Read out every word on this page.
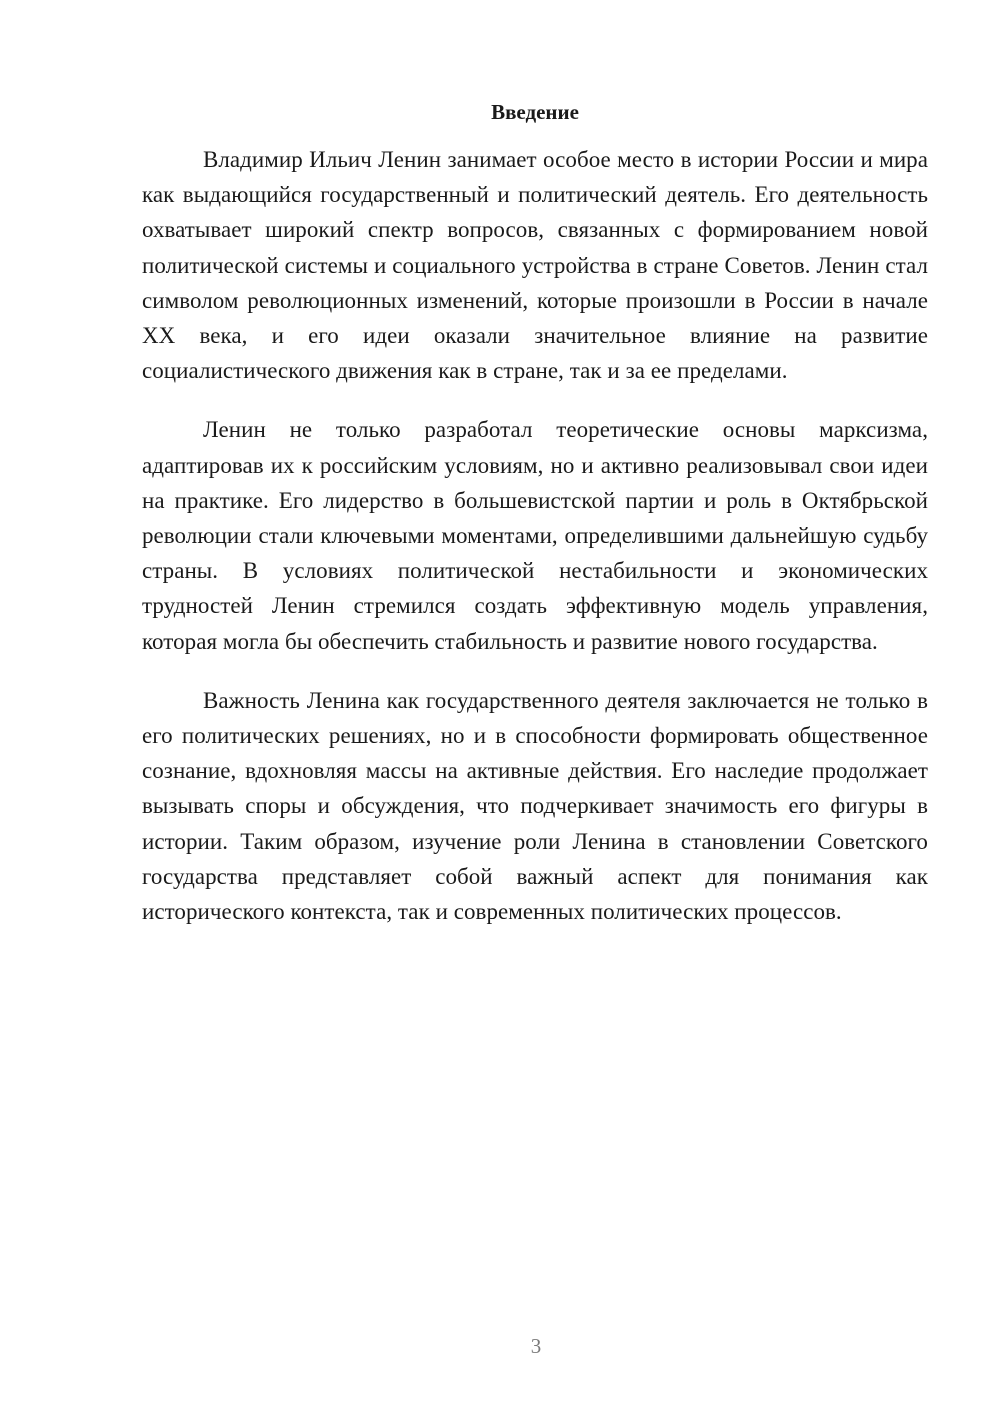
Введение

Владимир Ильич Ленин занимает особое место в истории России и мира как выдающийся государственный и политический деятель. Его деятельность охватывает широкий спектр вопросов, связанных с формированием новой политической системы и социального устройства в стране Советов. Ленин стал символом революционных изменений, которые произошли в России в начале XX века, и его идеи оказали значительное влияние на развитие социалистического движения как в стране, так и за ее пределами.

Ленин не только разработал теоретические основы марксизма, адаптировав их к российским условиям, но и активно реализовывал свои идеи на практике. Его лидерство в большевистской партии и роль в Октябрьской революции стали ключевыми моментами, определившими дальнейшую судьбу страны. В условиях политической нестабильности и экономических трудностей Ленин стремился создать эффективную модель управления, которая могла бы обеспечить стабильность и развитие нового государства.

Важность Ленина как государственного деятеля заключается не только в его политических решениях, но и в способности формировать общественное сознание, вдохновляя массы на активные действия. Его наследие продолжает вызывать споры и обсуждения, что подчеркивает значимость его фигуры в истории. Таким образом, изучение роли Ленина в становлении Советского государства представляет собой важный аспект для понимания как исторического контекста, так и современных политических процессов.

3
